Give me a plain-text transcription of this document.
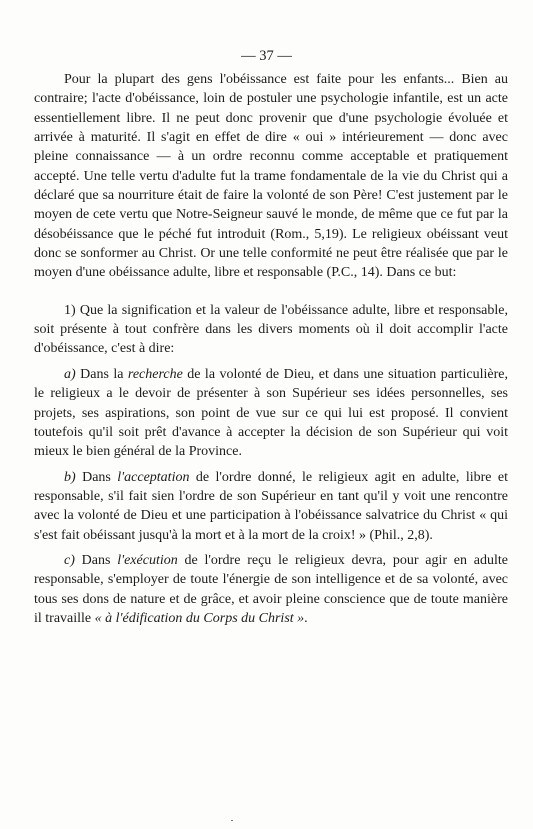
— 37 —

Pour la plupart des gens l'obéissance est faite pour les enfants... Bien au contraire; l'acte d'obéissance, loin de postuler une psychologie infantile, est un acte essentiellement libre. Il ne peut donc provenir que d'une psychologie évoluée et arrivée à maturité. Il s'agit en effet de dire « oui » intérieurement — donc avec pleine connaissance — à un ordre reconnu comme acceptable et pratiquement accepté. Une telle vertu d'adulte fut la trame fondamentale de la vie du Christ qui a déclaré que sa nourriture était de faire la volonté de son Père! C'est justement par le moyen de cete vertu que Notre-Seigneur sauvé le monde, de même que ce fut par la désobéissance que le péché fut introduit (Rom., 5,19). Le religieux obéissant veut donc se sonformer au Christ. Or une telle conformité ne peut être réalisée que par le moyen d'une obéissance adulte, libre et responsable (P.C., 14). Dans ce but:

1) Que la signification et la valeur de l'obéissance adulte, libre et responsable, soit présente à tout confrère dans les divers moments où il doit accomplir l'acte d'obéissance, c'est à dire:

a) Dans la recherche de la volonté de Dieu, et dans une situation particulière, le religieux a le devoir de présenter à son Supérieur ses idées personnelles, ses projets, ses aspirations, son point de vue sur ce qui lui est proposé. Il convient toutefois qu'il soit prêt d'avance à accepter la décision de son Supérieur qui voit mieux le bien général de la Province.

b) Dans l'acceptation de l'ordre donné, le religieux agit en adulte, libre et responsable, s'il fait sien l'ordre de son Supérieur en tant qu'il y voit une rencontre avec la volonté de Dieu et une participation à l'obéissance salvatrice du Christ « qui s'est fait obéissant jusqu'à la mort et à la mort de la croix! » (Phil., 2,8).

c) Dans l'exécution de l'ordre reçu le religieux devra, pour agir en adulte responsable, s'employer de toute l'énergie de son intelligence et de sa volonté, avec tous ses dons de nature et de grâce, et avoir pleine conscience que de toute manière il travaille « à l'édification du Corps du Christ ».
